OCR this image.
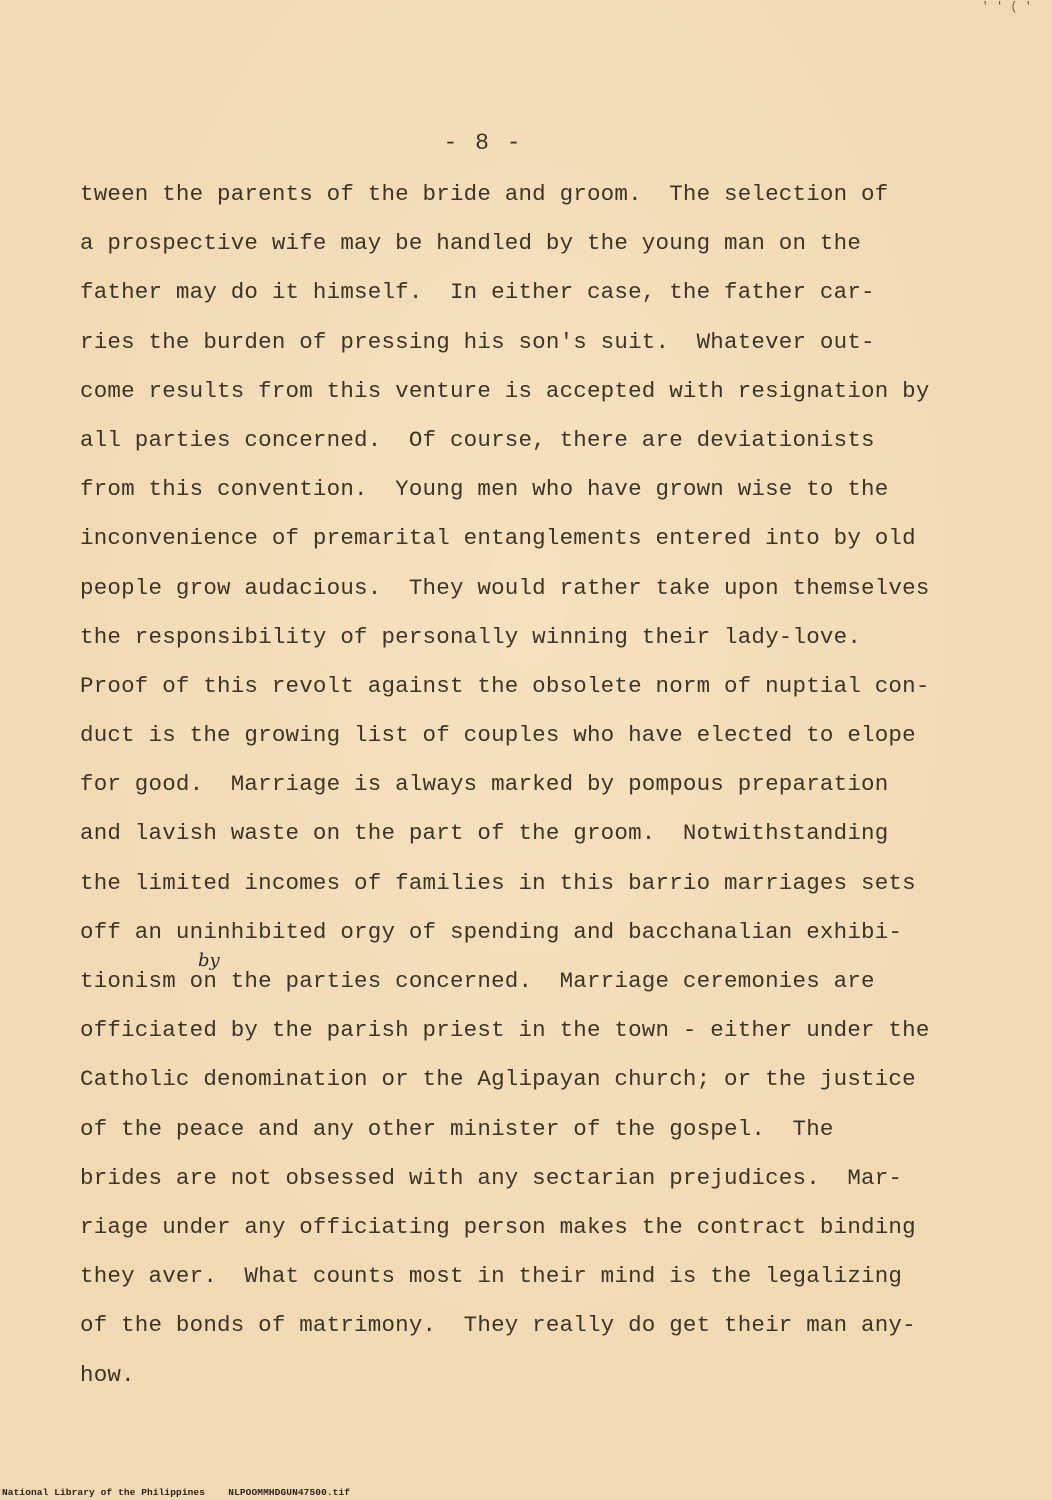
' ' ( '
- 8 -
tween the parents of the bride and groom.  The selection of
a prospective wife may be handled by the young man on the
father may do it himself.  In either case, the father car-
ries the burden of pressing his son's suit.  Whatever out-
come results from this venture is accepted with resignation by
all parties concerned.  Of course, there are deviationists
from this convention.  Young men who have grown wise to the
inconvenience of premarital entanglements entered into by old
people grow audacious.  They would rather take upon themselves
the responsibility of personally winning their lady-love.
Proof of this revolt against the obsolete norm of nuptial con-
duct is the growing list of couples who have elected to elope
for good.  Marriage is always marked by pompous preparation
and lavish waste on the part of the groom.  Notwithstanding
the limited incomes of families in this barrio marriages sets
off an uninhibited orgy of spending and bacchanalian exhibi-
tionism on the parties concerned.  Marriage ceremonies are
officiated by the parish priest in the town - either under the
Catholic denomination or the Aglipayan church; or the justice
of the peace and any other minister of the gospel.  The
brides are not obsessed with any sectarian prejudices.  Mar-
riage under any officiating person makes the contract binding
they aver.  What counts most in their mind is the legalizing
of the bonds of matrimony.  They really do get their man any-
how.
by
National Library of the Philippines NLPOOMMHDGUN47500.tif
